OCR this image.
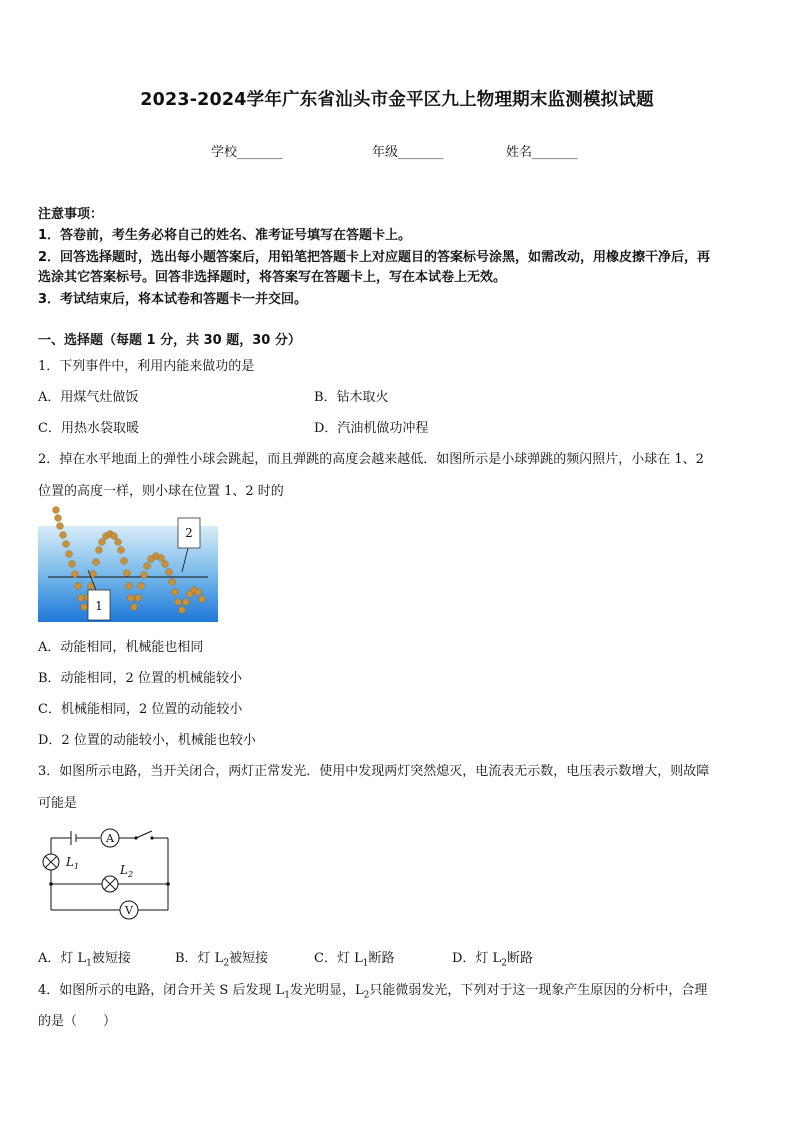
2023-2024学年广东省汕头市金平区九上物理期末监测模拟试题
学校_______	年级_______	姓名_______
注意事项：
1．答卷前，考生务必将自己的姓名、准考证号填写在答题卡上。
2．回答选择题时，选出每小题答案后，用铅笔把答题卡上对应题目的答案标号涂黑，如需改动，用橡皮擦干净后，再
选涂其它答案标号。回答非选择题时，将答案写在答题卡上，写在本试卷上无效。
3．考试结束后，将本试卷和答题卡一并交回。
一、选择题（每题 1 分，共 30 题，30 分）
1．下列事件中，利用内能来做功的是
A．用煤气灶做饭	B．钻木取火
C．用热水袋取暖	D．汽油机做功冲程
2．掉在水平地面上的弹性小球会跳起，而且弹跳的高度会越来越低．如图所示是小球弹跳的频闪照片，小球在 1、2
位置的高度一样，则小球在位置 1、2 时的
1
2
A．动能相同，机械能也相同
B．动能相同，2 位置的机械能较小
C．机械能相同，2 位置的动能较小
D．2 位置的动能较小，机械能也较小
3．如图所示电路，当开关闭合，两灯正常发光．使用中发现两灯突然熄灭，电流表无示数，电压表示数增大，则故障
可能是
A
V
$L_1$	$L_2$
A．灯 $L_1$被短接	B．灯 $L_2$被短接	C．灯 $L_1$断路	D．灯 $L_2$断路
4．如图所示的电路，闭合开关 S 后发现 $L_1$发光明显，$L_2$只能微弱发光，下列对于这一现象产生原因的分析中，合理
的是（　　）
